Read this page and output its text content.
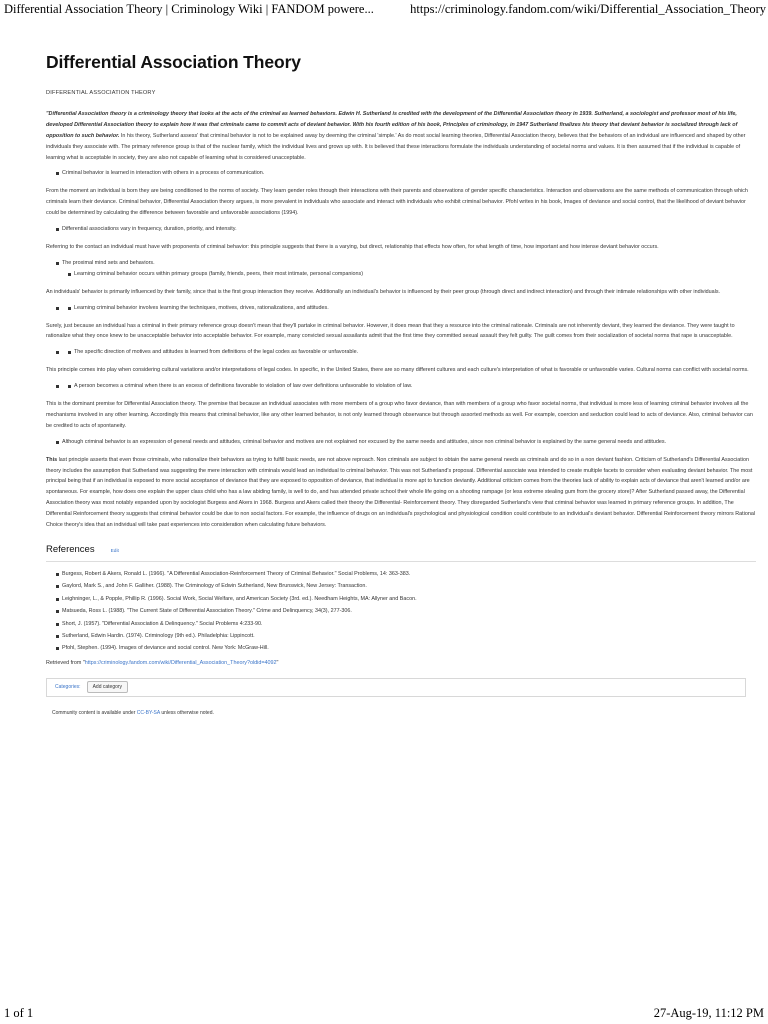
Differential Association Theory | Criminology Wiki | FANDOM powere...	https://criminology.fandom.com/wiki/Differential_Association_Theory
Differential Association Theory
DIFFERENTIAL ASSOCIATION THEORY

"Differential Association theory is a criminology theory that looks at the acts of the criminal as learned behaviors. Edwin H. Sutherland is credited with the development of the Differential Association theory in 1939. Sutherland, a sociologist and professor most of his life, developed Differential Association theory to explain how it was that criminals came to commit acts of deviant behavior. With his fourth edition of his book, Principles of criminology, in 1947 Sutherland finalizes his theory that deviant behavior is socialized through lack of opposition to such behavior. In his theory, Sutherland assess' that criminal behavior is not to be explained away by deeming the criminal 'simple.' As do most social learning theories, Differential Association theory, believes that the behaviors of an individual are influenced and shaped by other individuals they associate with. The primary reference group is that of the nuclear family, which the individual lives and grows up with. It is believed that these interactions formulate the individuals understanding of societal norms and values. It is then assumed that if the individual is capable of learning what is acceptable in society, they are also not capable of learning what is considered unacceptable.

Criminal behavior is learned in interaction with others in a process of communication.

From the moment an individual is born they are being conditioned to the norms of society. They learn gender roles through their interactions with their parents and observations of gender specific characteristics. Interaction and observations are the same methods of communication through which criminals learn their deviance. Criminal behavior, Differential Association theory argues, is more prevalent in individuals who associate and interact with individuals who exhibit criminal behavior. Pfohl writes in his book, Images of deviance and social control, that the likelihood of deviant behavior could be determined by calculating the difference between favorable and unfavorable associations (1994).

Differential associations vary in frequency, duration, priority, and intensity.

Referring to the contact an individual must have with proponents of criminal behavior: this principle suggests that there is a varying, but direct, relationship that effects how often, for what length of time, how important and how intense deviant behavior occurs.

The proximal mind sets and behaviors.
Learning criminal behavior occurs within primary groups (family, friends, peers, their most intimate, personal companions)

An individuals' behavior is primarily influenced by their family, since that is the first group interaction they receive. Additionally an individual's behavior is influenced by their peer group (through direct and indirect interaction) and through their intimate relationships with other individuals.

Learning criminal behavior involves learning the techniques, motives, drives, rationalizations, and attitudes.

Surely, just because an individual has a criminal in their primary reference group doesn't mean that they'll partake in criminal behavior. However, it does mean that they a resource into the criminal rationale. Criminals are not inherently deviant, they learned the deviance. They were taught to rationalize what they once knew to be unacceptable behavior into acceptable behavior. For example, many convicted sexual assailants admit that the first time they committed sexual assault they felt guilty. The guilt comes from their socialization of societal norms that rape is unacceptable.

The specific direction of motives and attitudes is learned from definitions of the legal codes as favorable or unfavorable.

This principle comes into play when considering cultural variations and/or interpretations of legal codes. In specific, in the United States, there are so many different cultures and each culture's interpretation of what is favorable or unfavorable varies. Cultural norms can conflict with societal norms.

A person becomes a criminal when there is an excess of definitions favorable to violation of law over definitions unfavorable to violation of law.

This is the dominant premise for Differential Association theory. The premise that because an individual associates with more members of a group who favor deviance, than with members of a group who favor societal norms, that individual is more less of learning criminal behavior involves all the mechanisms involved in any other learning. Accordingly this means that criminal behavior, like any other learned behavior, is not only learned through observance but through assorted methods as well. For example, coercion and seduction could lead to acts of deviance. Also, criminal behavior can be credited to acts of spontaneity.

Although criminal behavior is an expression of general needs and attitudes, criminal behavior and motives are not explained nor excused by the same needs and attitudes, since non criminal behavior is explained by the same general needs and attitudes.

This last principle asserts that even those criminals, who rationalize their behaviors as trying to fulfill basic needs, are not above reproach. Non criminals are subject to obtain the same general needs as criminals and do so in a non deviant fashion. Criticism of Sutherland's Differential Association theory includes the assumption that Sutherland was suggesting the mere interaction with criminals would lead an individual to criminal behavior. This was not Sutherland's proposal. Differential associate was intended to create multiple facets to consider when evaluating deviant behavior. The most principal being that if an individual is exposed to more social acceptance of deviance that they are exposed to opposition of deviance, that individual is more apt to function deviantly. Additional criticism comes from the theories lack of ability to explain acts of deviance that aren't learned and/or are spontaneous. For example, how does one explain the upper class child who has a law abiding family, is well to do, and has attended private school their whole life going on a shooting rampage (or less extreme stealing gum from the grocery store)? After Sutherland passed away, the Differential Association theory was most notably expanded upon by sociologist Burgess and Akers in 1968. Burgess and Akers called their theory the Differential- Reinforcement theory. They disregarded Sutherland's view that criminal behavior was learned in primary reference groups. In addition, The Differential Reinforcement theory suggests that criminal behavior could be due to non social factors. For example, the influence of drugs on an individual's psychological and physiological condition could contribute to an individual's deviant behavior. Differential Reinforcement theory mirrors Rational Choice theory's idea that an individual will take past experiences into consideration when calculating future behaviors.

References	Edit
Burgess, Robert & Akers, Ronald L. (1966). "A Differential Association-Reinforcement Theory of Criminal Behavior." Social Problems, 14: 363-383.
Gaylord, Mark S., and John F. Galliher. (1988). The Criminology of Edwin Sutherland, New Brunswick, New Jersey: Transaction.
Leighninger, L., & Popple, Phillip R. (1996). Social Work, Social Welfare, and American Society (3rd. ed.). Needham Heights, MA: Allyner and Bacon.
Matsueda, Ross L. (1988). "The Current State of Differential Association Theory." Crime and Delinquency, 34(3), 277-306.
Short, J. (1957). "Differential Association & Delinquency." Social Problems 4:233-90.
Sutherland, Edwin Hardin. (1974). Criminology (9th ed.). Philadelphia: Lippincott.
Pfohl, Stephen. (1994). Images of deviance and social control. New York: McGraw-Hill.
Retrieved from "https://criminology.fandom.com/wiki/Differential_Association_Theory?oldid=4092"
Categories:	Add category
Community content is available under CC-BY-SA unless otherwise noted.
1 of 1	27-Aug-19, 11:12 PM
